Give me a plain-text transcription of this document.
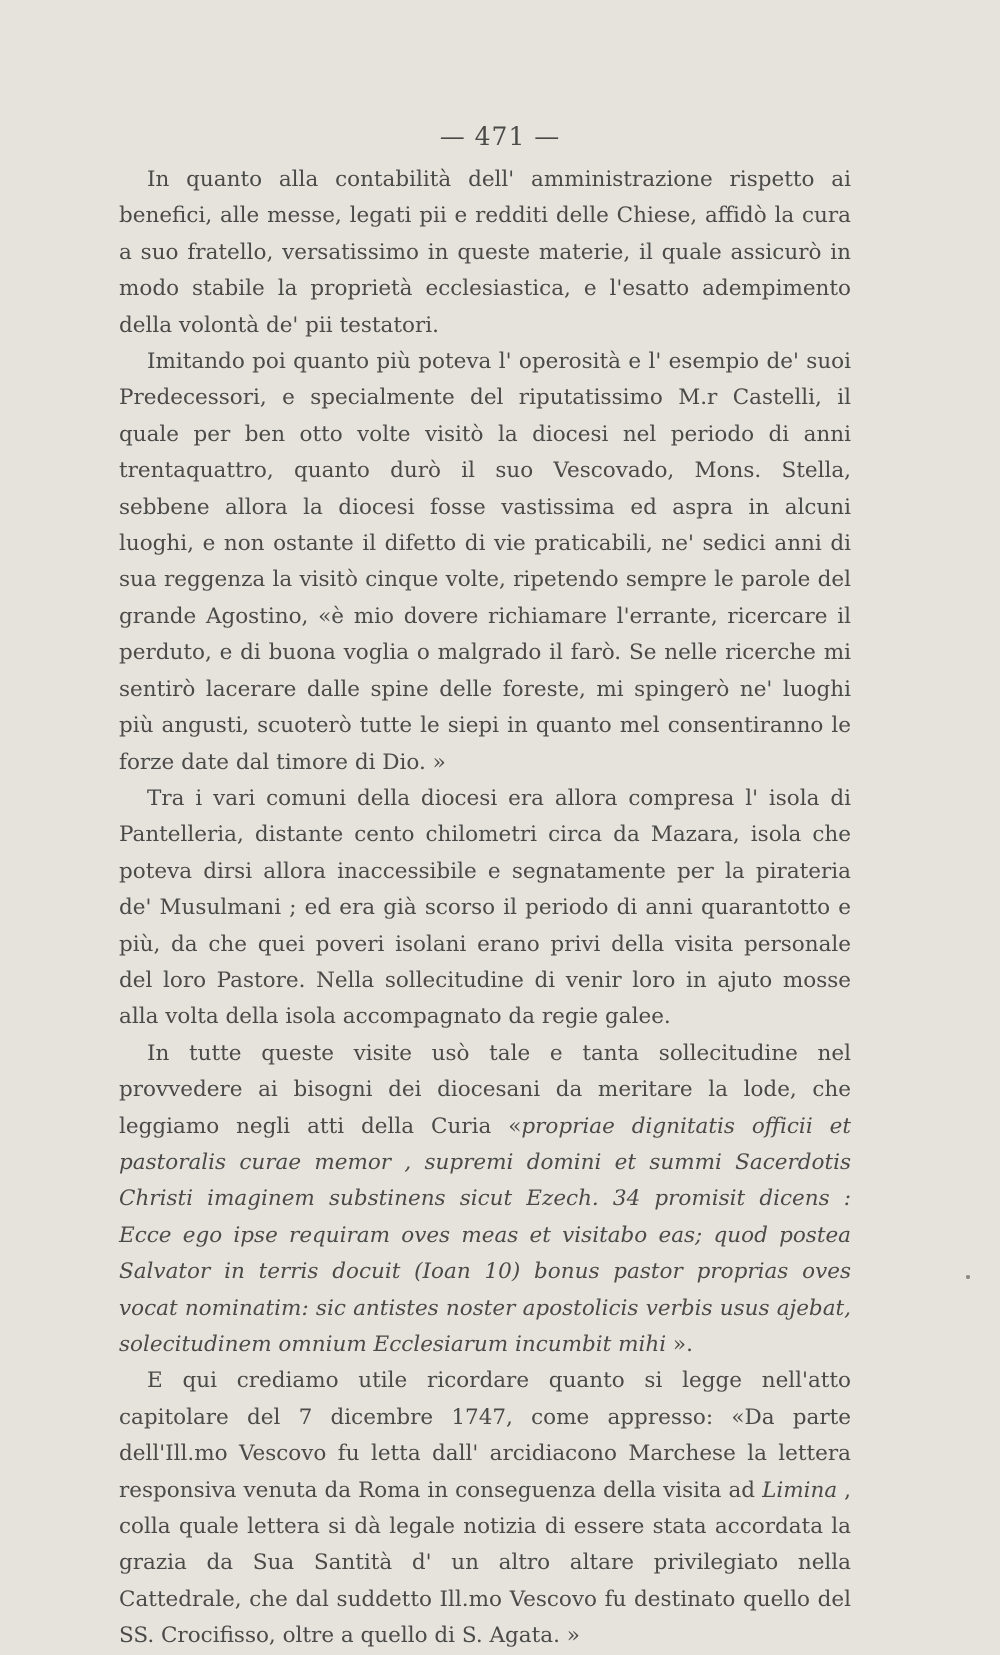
— 471 —

In quanto alla contabilità dell' amministrazione rispetto ai benefici, alle messe, legati pii e redditi delle Chiese, affidò la cura a suo fratello, versatissimo in queste materie, il quale assicurò in modo stabile la proprietà ecclesiastica, e l'esatto adempimento della volontà de' pii testatori.

Imitando poi quanto più poteva l' operosità e l' esempio de' suoi Predecessori, e specialmente del riputatissimo M.r Castelli, il quale per ben otto volte visitò la diocesi nel periodo di anni trentaquattro, quanto durò il suo Vescovado, Mons. Stella, sebbene allora la diocesi fosse vastissima ed aspra in alcuni luoghi, e non ostante il difetto di vie praticabili, ne' sedici anni di sua reggenza la visitò cinque volte, ripetendo sempre le parole del grande Agostino, «è mio dovere richiamare l'errante, ricercare il perduto, e di buona voglia o malgrado il farò. Se nelle ricerche mi sentirò lacerare dalle spine delle foreste, mi spingerò ne' luoghi più angusti, scuoterò tutte le siepi in quanto mel consentiranno le forze date dal timore di Dio. »

Tra i vari comuni della diocesi era allora compresa l' isola di Pantelleria, distante cento chilometri circa da Mazara, isola che poteva dirsi allora inaccessibile e segnatamente per la pirateria de' Musulmani ; ed era già scorso il periodo di anni quarantotto e più, da che quei poveri isolani erano privi della visita personale del loro Pastore. Nella sollecitudine di venir loro in ajuto mosse alla volta della isola accompagnato da regie galee.

In tutte queste visite usò tale e tanta sollecitudine nel provvedere ai bisogni dei diocesani da meritare la lode, che leggiamo negli atti della Curia «propriae dignitatis officii et pastoralis curae memor , supremi domini et summi Sacerdotis Christi imaginem substinens sicut Ezech. 34 promisit dicens : Ecce ego ipse requiram oves meas et visitabo eas; quod postea Salvator in terris docuit (Ioan 10) bonus pastor proprias oves vocat nominatim: sic antistes noster apostolicis verbis usus ajebat, solecitudinem omnium Ecclesiarum incumbit mihi ».

E qui crediamo utile ricordare quanto si legge nell'atto capitolare del 7 dicembre 1747, come appresso: «Da parte dell'Ill.mo Vescovo fu letta dall' arcidiacono Marchese la lettera responsiva venuta da Roma in conseguenza della visita ad Limina , colla quale lettera si dà legale notizia di essere stata accordata la grazia da Sua Santità d' un altro altare privilegiato nella Cattedrale, che dal suddetto Ill.mo Vescovo fu destinato quello del SS. Crocifisso, oltre a quello di S. Agata. »
